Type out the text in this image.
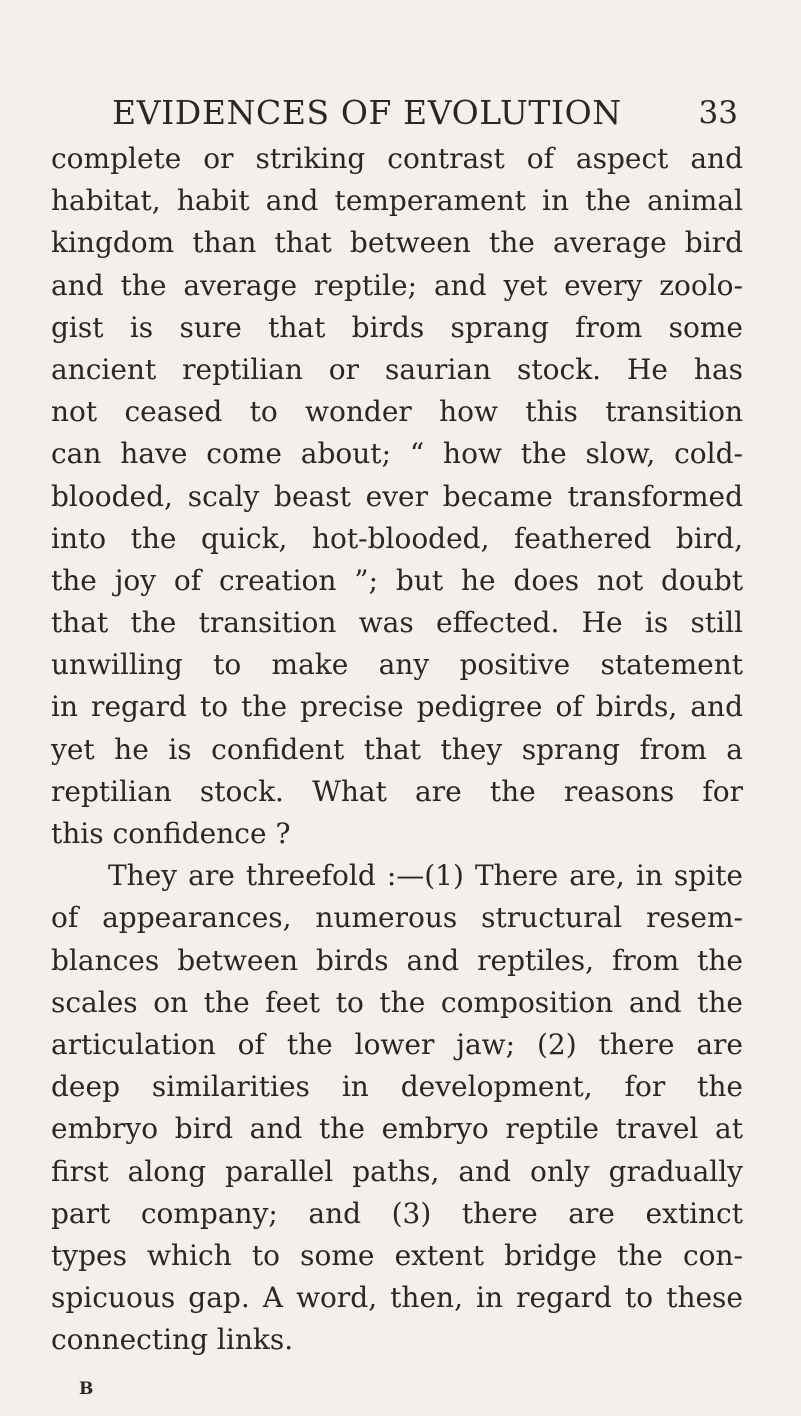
EVIDENCES OF EVOLUTION 33
complete or striking contrast of aspect and
habitat, habit and temperament in the animal
kingdom than that between the average bird
and the average reptile; and yet every zoolo-
gist is sure that birds sprang from some
ancient reptilian or saurian stock. He has
not ceased to wonder how this transition
can have come about; “ how the slow, cold-
blooded, scaly beast ever became transformed
into the quick, hot-blooded, feathered bird,
the joy of creation ”; but he does not doubt
that the transition was effected. He is still
unwilling to make any positive statement
in regard to the precise pedigree of birds, and
yet he is confident that they sprang from a
reptilian stock. What are the reasons for
this confidence ?
They are threefold :—(1) There are, in spite
of appearances, numerous structural resem-
blances between birds and reptiles, from the
scales on the feet to the composition and the
articulation of the lower jaw; (2) there are
deep similarities in development, for the
embryo bird and the embryo reptile travel at
first along parallel paths, and only gradually
part company; and (3) there are extinct
types which to some extent bridge the con-
spicuous gap. A word, then, in regard to these
connecting links.
B
